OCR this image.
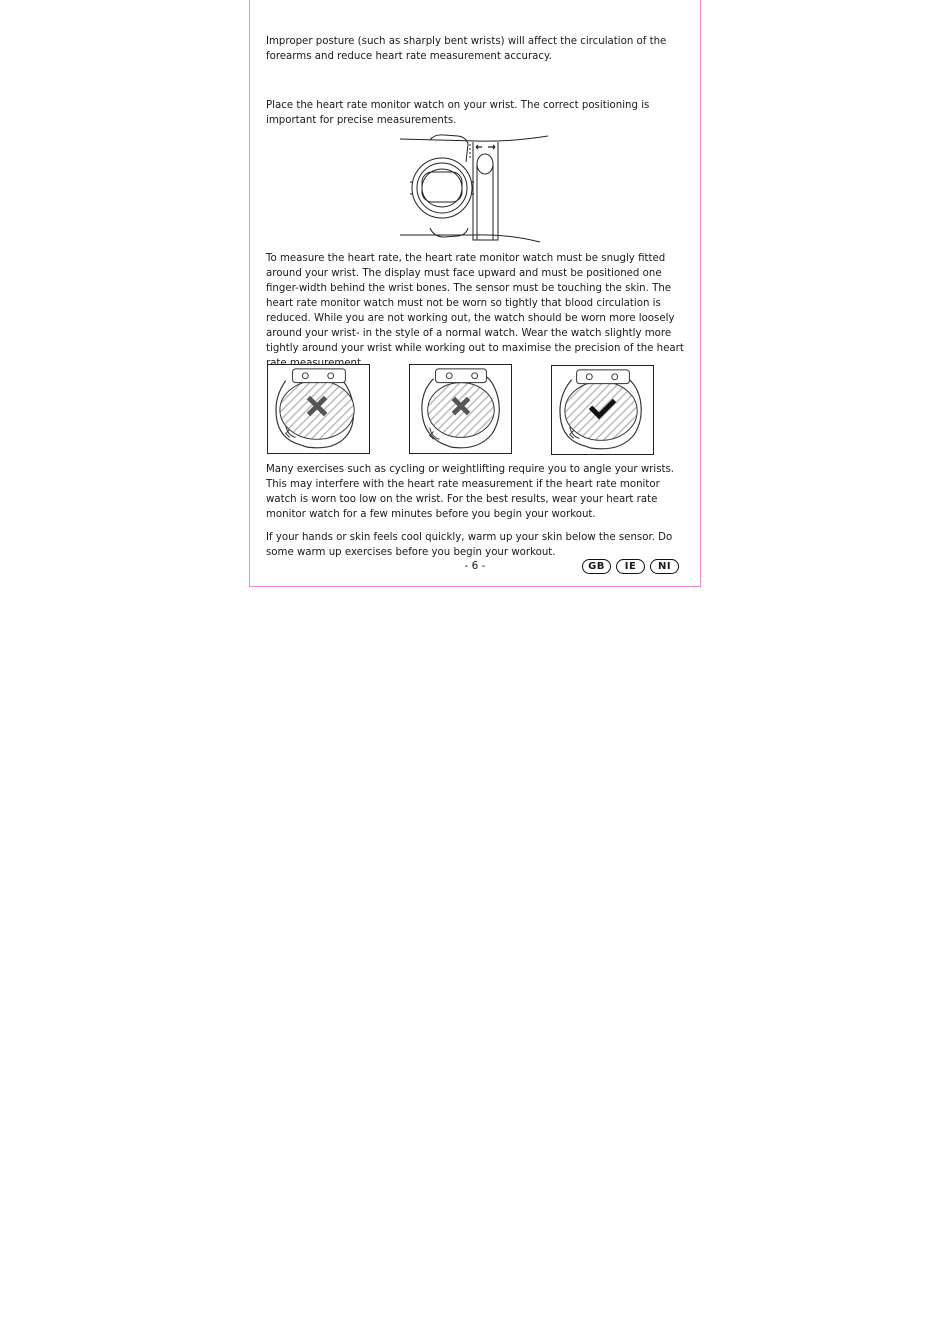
Improper posture (such as sharply bent wrists) will affect the circulation of the forearms and reduce heart rate measurement accuracy.

Place the heart rate monitor watch on your wrist. The correct positioning is important for precise measurements.

To measure the heart rate, the heart rate monitor watch must be snugly fitted around your wrist. The display must face upward and must be positioned one finger-width behind the wrist bones. The sensor must be touching the skin. The heart rate monitor watch must not be worn so tightly that blood circulation is reduced. While you are not working out, the watch should be worn more loosely around your wrist- in the style of a normal watch. Wear the watch slightly more tightly around your wrist while working out to maximise the precision of the heart

Many exercises such as cycling or weightlifting require you to angle your wrists. This may interfere with the heart rate measurement if the heart rate monitor watch is worn too low on the wrist. For the best results, wear your heart rate monitor watch for a few minutes before you begin your workout.

If your hands or skin feels cool quickly, warm up your skin below the sensor. Do some warm up exercises before you begin your workout.

- 6 -	GB	IE	NI
